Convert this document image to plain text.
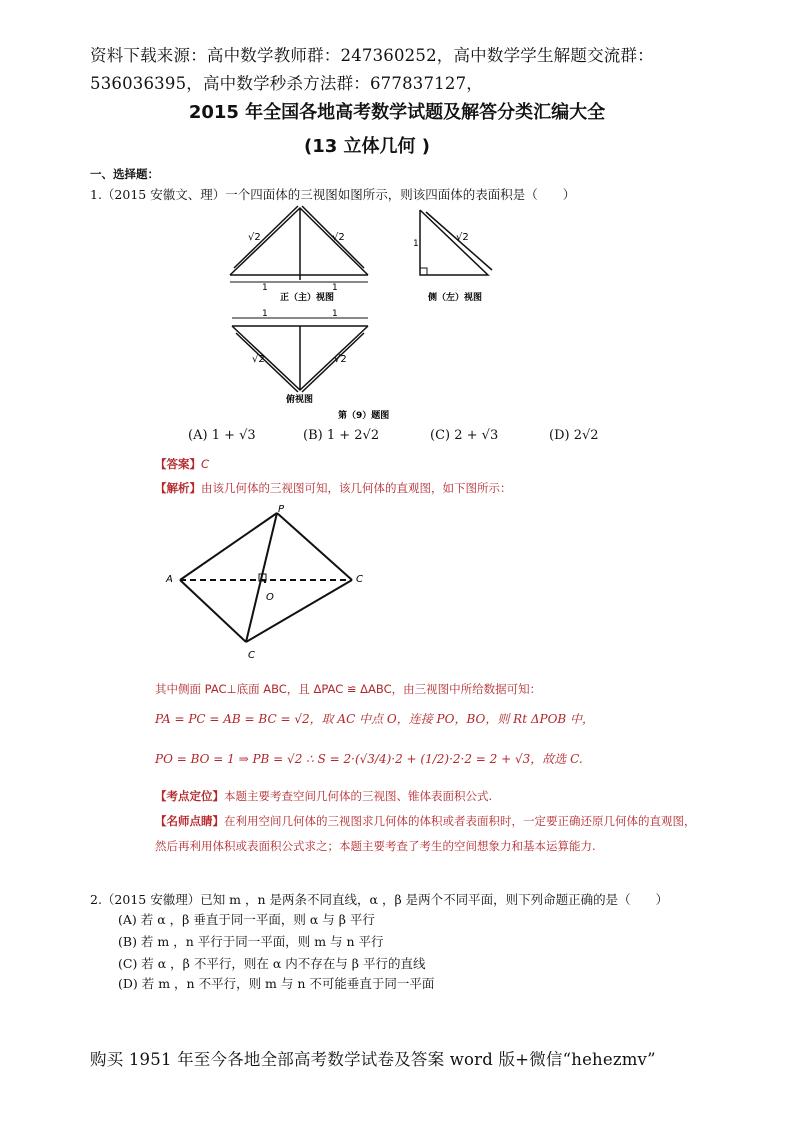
资料下载来源：高中数学教师群：247360252，高中数学学生解题交流群：
536036395，高中数学秒杀方法群：677837127，
2015 年全国各地高考数学试题及解答分类汇编大全
(13 立体几何 )
一、选择题：
1.（2015 安徽文、理）一个四面体的三视图如图所示，则该四面体的表面积是（　　）
√2	√2
1	1
正（主）视图
1
√2
侧（左）视图
1	1
√2	√2
俯视图
第（9）题图
(A) 1 + √3	(B) 1 + 2√2	(C) 2 + √3	(D) 2√2
【答案】C
【解析】由该几何体的三视图可知，该几何体的直观图，如下图所示：
P
A	C
O
C
其中侧面 PAC⊥底面 ABC，且 ΔPAC ≌ ΔABC，由三视图中所给数据可知：
PA = PC = AB = BC = √2，取 AC 中点 O，连接 PO，BO，则 Rt ΔPOB 中，
PO = BO = 1 ⇒ PB = √2 ∴ S = 2·(√3/4)·2 + (1/2)·2·2 = 2 + √3，故选 C.
【考点定位】本题主要考查空间几何体的三视图、锥体表面积公式.
【名师点睛】在利用空间几何体的三视图求几何体的体积或者表面积时，一定要正确还原几何体的直观图，
然后再利用体积或表面积公式求之；本题主要考查了考生的空间想象力和基本运算能力.
2.（2015 安徽理）已知 m ，n 是两条不同直线，α ，β 是两个不同平面，则下列命题正确的是（　　）
(A) 若 α ，β 垂直于同一平面，则 α 与 β 平行
(B) 若 m ，n 平行于同一平面，则 m 与 n 平行
(C) 若 α ，β 不平行，则在 α 内不存在与 β 平行的直线
(D) 若 m ，n 不平行，则 m 与 n 不可能垂直于同一平面
购买 1951 年至今各地全部高考数学试卷及答案 word 版+微信“hehezmv”
